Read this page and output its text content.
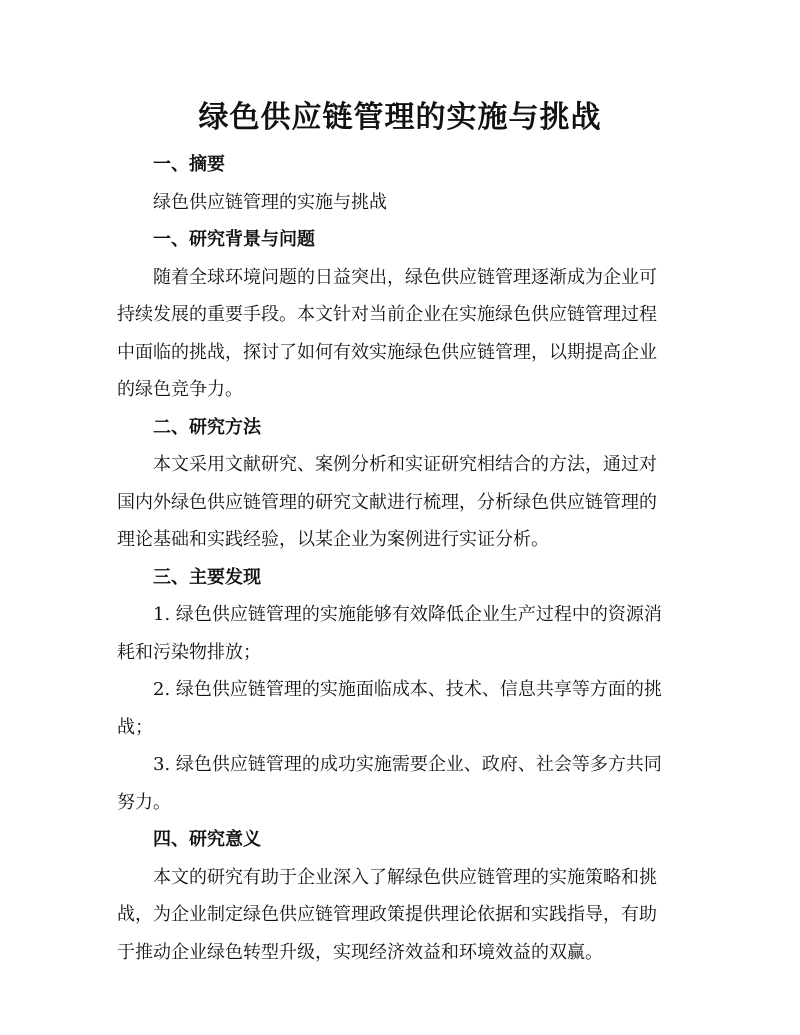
绿色供应链管理的实施与挑战
一、摘要
绿色供应链管理的实施与挑战
一、研究背景与问题
随着全球环境问题的日益突出，绿色供应链管理逐渐成为企业可
持续发展的重要手段。本文针对当前企业在实施绿色供应链管理过程
中面临的挑战，探讨了如何有效实施绿色供应链管理，以期提高企业
的绿色竞争力。
二、研究方法
本文采用文献研究、案例分析和实证研究相结合的方法，通过对
国内外绿色供应链管理的研究文献进行梳理，分析绿色供应链管理的
理论基础和实践经验，以某企业为案例进行实证分析。
三、主要发现
1. 绿色供应链管理的实施能够有效降低企业生产过程中的资源消
耗和污染物排放；
2. 绿色供应链管理的实施面临成本、技术、信息共享等方面的挑
战；
3. 绿色供应链管理的成功实施需要企业、政府、社会等多方共同
努力。
四、研究意义
本文的研究有助于企业深入了解绿色供应链管理的实施策略和挑
战，为企业制定绿色供应链管理政策提供理论依据和实践指导，有助
于推动企业绿色转型升级，实现经济效益和环境效益的双赢。
